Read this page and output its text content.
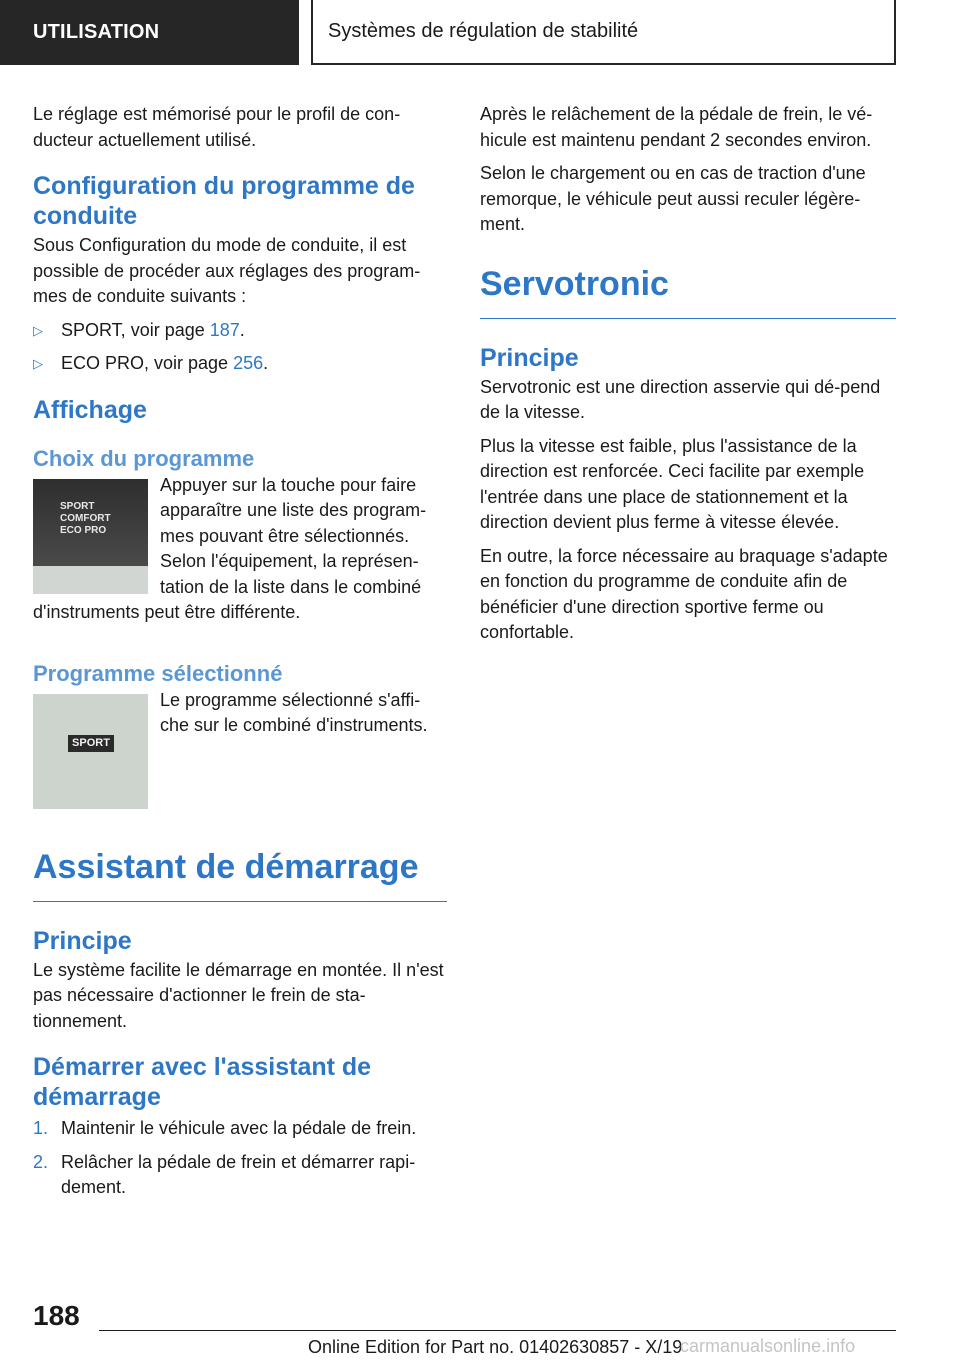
UTILISATION	Systèmes de régulation de stabilité

Le réglage est mémorisé pour le profil de con-ducteur actuellement utilisé.

Configuration du programme de conduite

Sous Configuration du mode de conduite, il est possible de procéder aux réglages des program-mes de conduite suivants :

▷ SPORT, voir page 187.
▷ ECO PRO, voir page 256.
Affichage
Choix du programme
SPORT
COMFORT
ECO PRO

Appuyer sur la touche pour faire apparaître une liste des program-mes pouvant être sélectionnés. Selon l'équipement, la représen-tation de la liste dans le combiné d'instruments peut être différente.

Programme sélectionné
SPORT

Le programme sélectionné s'affi-che sur le combiné d'instruments.

Assistant de démarrage
Principe

Le système facilite le démarrage en montée. Il n'est pas nécessaire d'actionner le frein de sta-tionnement.

Démarrer avec l'assistant de démarrage
1. Maintenir le véhicule avec la pédale de frein.
2. Relâcher la pédale de frein et démarrer rapi-dement.

Après le relâchement de la pédale de frein, le vé-hicule est maintenu pendant 2 secondes environ.

Selon le chargement ou en cas de traction d'une remorque, le véhicule peut aussi reculer légère-ment.

Servotronic
Principe

Servotronic est une direction asservie qui dé-pend de la vitesse.

Plus la vitesse est faible, plus l'assistance de la direction est renforcée. Ceci facilite par exemple l'entrée dans une place de stationnement et la direction devient plus ferme à vitesse élevée.

En outre, la force nécessaire au braquage s'adapte en fonction du programme de conduite afin de bénéficier d'une direction sportive ferme ou confortable.

188
Online Edition for Part no. 01402630857 - X/19
carmanualsonline.info
